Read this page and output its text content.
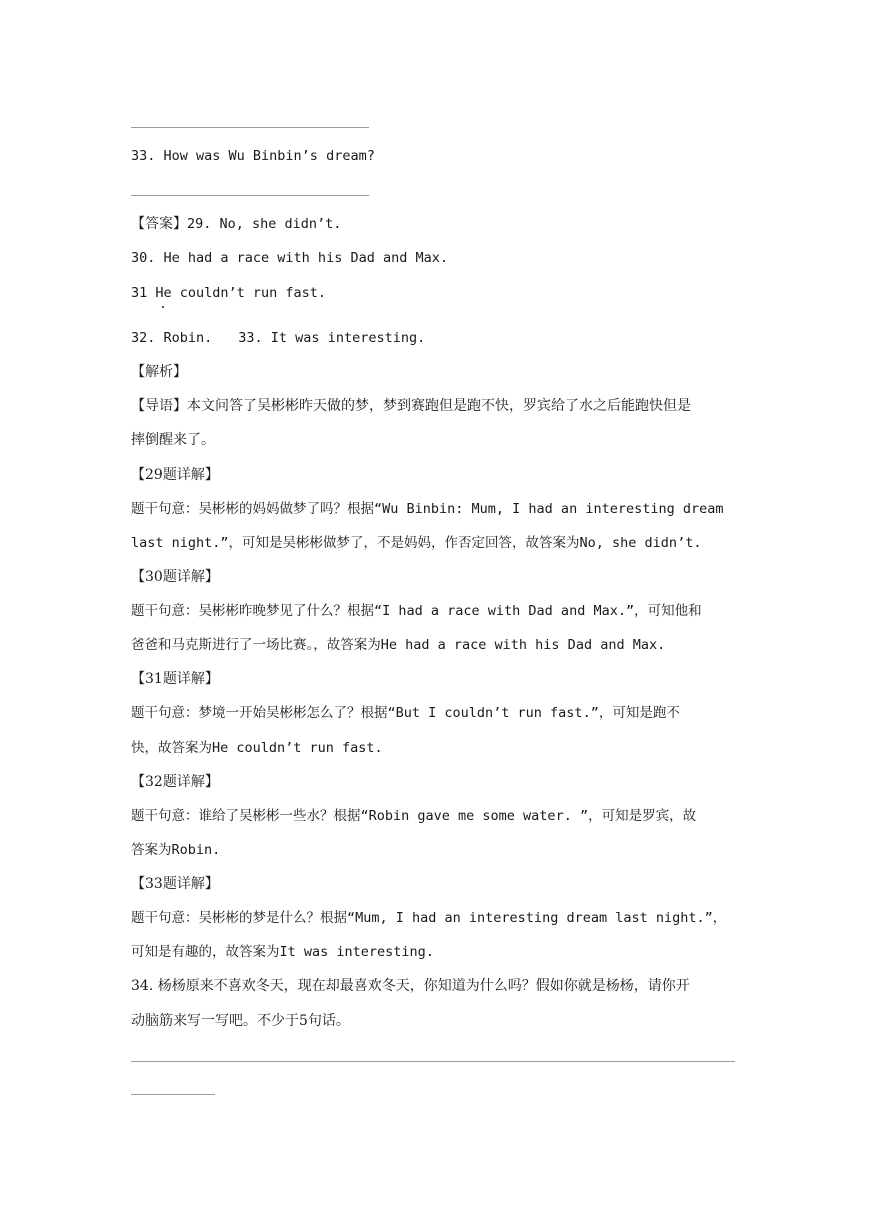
33. How was Wu Binbin’s dream?
【答案】29. No, she didn’t.
30. He had a race with his Dad and Max.
31 He couldn’t run fast.
32. Robin. 33. It was interesting.
【解析】
【导语】本文问答了吴彬彬昨天做的梦，梦到赛跑但是跑不快，罗宾给了水之后能跑快但是
摔倒醒来了。
【29题详解】
题干句意：吴彬彬的妈妈做梦了吗？根据“Wu Binbin: Mum, I had an interesting dream
last night.”，可知是吴彬彬做梦了，不是妈妈，作否定回答，故答案为No, she didn’t.
【30题详解】
题干句意：吴彬彬昨晚梦见了什么？根据“I had a race with Dad and Max.”，可知他和
爸爸和马克斯进行了一场比赛。，故答案为He had a race with his Dad and Max.
【31题详解】
题干句意：梦境一开始吴彬彬怎么了？根据“But I couldn’t run fast.”，可知是跑不
快，故答案为He couldn’t run fast.
【32题详解】
题干句意：谁给了吴彬彬一些水？根据“Robin gave me some water. ”，可知是罗宾，故
答案为Robin.
【33题详解】
题干句意：吴彬彬的梦是什么？根据“Mum, I had an interesting dream last night.”，
可知是有趣的，故答案为It was interesting.
34. 杨杨原来不喜欢冬天，现在却最喜欢冬天，你知道为什么吗？假如你就是杨杨，请你开
动脑筋来写一写吧。不少于5句话。
